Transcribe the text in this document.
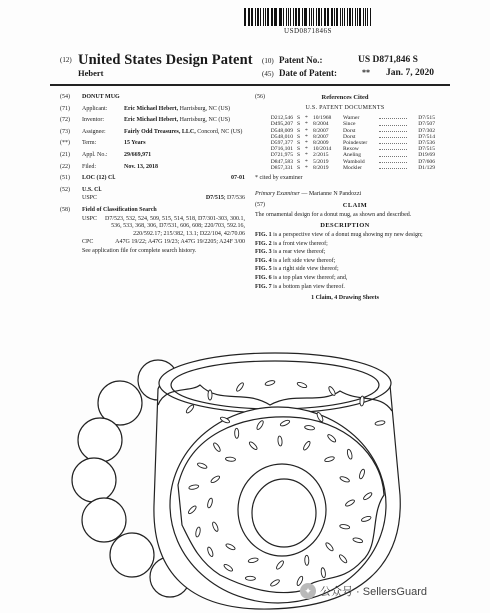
USD0871846S
(12) United States Design Patent
Hebert
(10) Patent No.:	US D871,846 S
(45) Date of Patent:	** Jan. 7, 2020
(54)	DONUT MUG
(71)	Applicant:	Eric Michael Hebert, Harrisburg, NC (US)
(72)	Inventor:	Eric Michael Hebert, Harrisburg, NC (US)
(73)	Assignee:	Fairly Odd Treasures, LLC, Concord, NC (US)
(**)	Term:	15 Years
(21)	Appl. No.:	29/669,971
(22)	Filed:	Nov. 13, 2018
(51)	LOC (12) Cl.	07-01
(52)	U.S. Cl.
USPC	D7/515; D7/536
(58)	Field of Classification Search
USPC	D7/523, 532, 524, 509, 515, 514, 518, D7/301-303, 300.1, 536, 533, 368, 306, D7/531, 606, 608; 220/703, 592.16, 220/592.17; 215/382, 13.1; D22/104, 42/70.06
CPC	A47G 19/22; A47G 19/23; A47G 19/2205; A24F 3/00
See application file for complete search history.
(56)	References Cited
U.S. PATENT DOCUMENTS
D212,546 S * 10/1968	Warner	D7/515
D495,207 S * 8/2004	Since	D7/507
D548,009 S * 8/2007	Dorst	D7/302
D548,010 S * 8/2007	Dorst	D7/514
D597,377 S * 8/2009	Poindexter	D7/536
D716,101 S * 10/2014	Rexow	D7/515
D721,975 S * 2/2015	Aneling	D19/69
D847,583 S * 5/2019	Wambold	D7/606
D857,331 S * 8/2019	Mockler	D1/129
* cited by examiner
Primary Examiner — Marianne N Pandozzi
(57)	CLAIM
The ornamental design for a donut mug, as shown and described.
DESCRIPTION
FIG. 1 is a perspective view of a donut mug showing my new design;
FIG. 2 is a front view thereof;
FIG. 3 is a rear view thereof;
FIG. 4 is a left side view thereof;
FIG. 5 is a right side view thereof;
FIG. 6 is a top plan view thereof; and,
FIG. 7 is a bottom plan view thereof.
1 Claim, 4 Drawing Sheets
✦ 公众号 · SellersGuard
